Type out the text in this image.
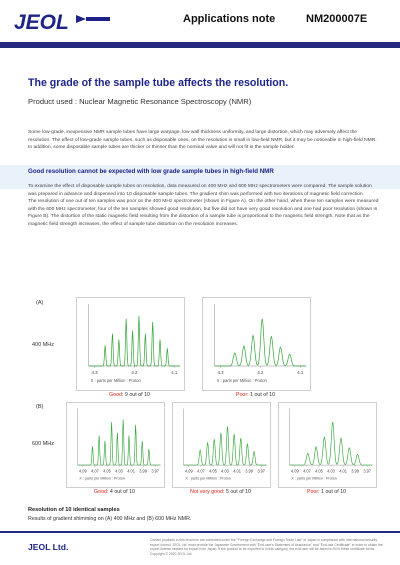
JEOL	Applications note	NM200007E
The grade of the sample tube affects the resolution.
Product used : Nuclear Magnetic Resonance Spectroscopy (NMR)
Some low-grade, inexpensive NMR sample tubes have large warpage, low wall thickness uniformity, and large distortion, which may adversely affect the resolution. The effect of low-grade sample tubes, such as disposable ones, on the resolution is small in low-field NMR, but it may be noticeable in high-field NMR. In addition, some disposable sample tubes are thicker or thinner than the nominal value and will not fit in the sample holder.
Good resolution cannot be expected with low grade sample tubes in high-field NMR
To examine the effect of disposable sample tubes on resolution, data measured on 400 MHz and 600 MHz spectrometers were compared. The sample solution was prepared in advance and dispensed into 10 disposable sample tubes. The gradient shim was performed with two iterations of magnetic field correction.
The resolution of one out of ten samples was poor on the 400 MHz spectrometer (shown in Figure A). On the other hand, when these ten samples were measured with the 600 MHz spectrometer, four of the ten samples showed good resolution, but five did not have very good resolution and one had poor resolution (shown in Figure B). The distortion of the static magnetic field resulting from the distortion of a sample tube is proportional to the magnetic field strength. Note that as the magnetic field strength increases, the effect of sample tube distortion on the resolution increases.
(A)
400 MHz
4.3	4.2	4.1
X : parts per Million : Proton
Good: 9 out of 10
4.3	4.2	4.1
X : parts per Million : Proton
Poor: 1 out of 10
(B)
600 MHz
4.09 4.07 4.05 4.03 4.01 3.99 3.97
X : parts per Million : Proton
Good: 4 out of 10
4.09 4.07 4.05 4.03 4.01 3.99 3.97
X : parts per Million : Proton
Not very good: 5 out of 10
4.09 4.07 4.05 4.03 4.01 3.99 3.97
X : parts per Million : Proton
Poor: 1 out of 10
Resolution of 10 identical samples
Results of gradient shimming on (A) 400 MHz and (B) 600 MHz NMR.
JEOL Ltd.
Certain products in this brochure are controlled under the "Foreign Exchange and Foreign Trade Law" of Japan in compliance with international security export control. JEOL Ltd. must provide the Japanese Government with "End-user's Statement of Assurance" and "End-use Certificate" in order to obtain the export license needed for export from Japan. If the product to be exported is in this category, the end user will be asked to fill in these certificate forms. Copyright © 2020 JEOL Ltd.
